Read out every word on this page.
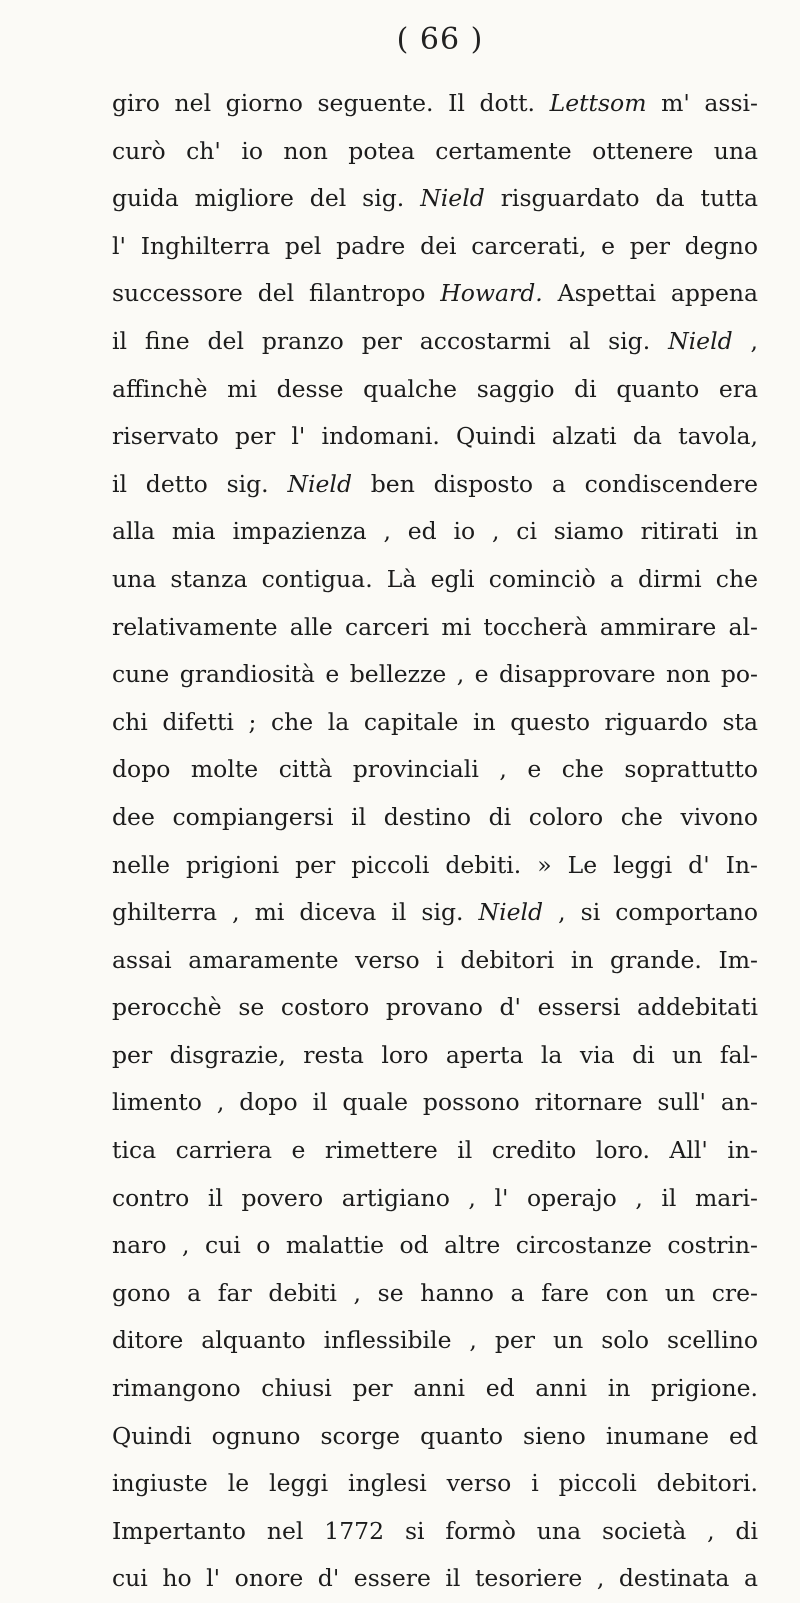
( 66 )
giro nel giorno seguente. Il dott. Lettsom m' assi-
curò ch' io non potea certamente ottenere una
guida migliore del sig. Nield risguardato da tutta
l' Inghilterra pel padre dei carcerati, e per degno
successore del filantropo Howard. Aspettai appena
il fine del pranzo per accostarmi al sig. Nield ,
affinchè mi desse qualche saggio di quanto era
riservato per l' indomani. Quindi alzati da tavola,
il detto sig. Nield ben disposto a condiscendere
alla mia impazienza , ed io , ci siamo ritirati in
una stanza contigua. Là egli cominciò a dirmi che
relativamente alle carceri mi toccherà ammirare al-
cune grandiosità e bellezze , e disapprovare non po-
chi difetti ; che la capitale in questo riguardo sta
dopo molte città provinciali , e che soprattutto
dee compiangersi il destino di coloro che vivono
nelle prigioni per piccoli debiti. » Le leggi d' In-
ghilterra , mi diceva il sig. Nield , si comportano
assai amaramente verso i debitori in grande. Im-
perocchè se costoro provano d' essersi addebitati
per disgrazie, resta loro aperta la via di un fal-
limento , dopo il quale possono ritornare sull' an-
tica carriera e rimettere il credito loro. All' in-
contro il povero artigiano , l' operajo , il mari-
naro , cui o malattie od altre circostanze costrin-
gono a far debiti , se hanno a fare con un cre-
ditore alquanto inflessibile , per un solo scellino
rimangono chiusi per anni ed anni in prigione.
Quindi ognuno scorge quanto sieno inumane ed
ingiuste le leggi inglesi verso i piccoli debitori.
Impertanto nel 1772 si formò una società , di
cui ho l' onore d' essere il tesoriere , destinata a
